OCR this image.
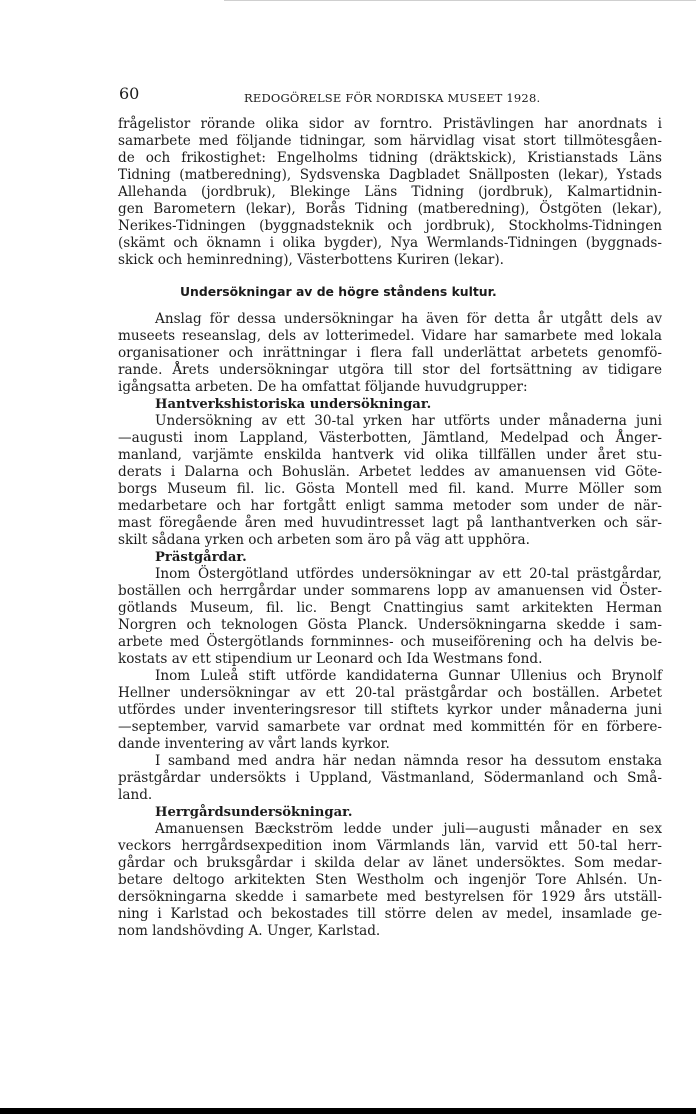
60	REDOGÖRELSE FÖR NORDISKA MUSEET 1928.
frågelistor rörande olika sidor av forntro. Pristävlingen har anordnats i
samarbete med följande tidningar, som härvidlag visat stort tillmötesgåen-
de och frikostighet: Engelholms tidning (dräktskick), Kristianstads Läns
Tidning (matberedning), Sydsvenska Dagbladet Snällposten (lekar), Ystads
Allehanda (jordbruk), Blekinge Läns Tidning (jordbruk), Kalmartidnin-
gen Barometern (lekar), Borås Tidning (matberedning), Östgöten (lekar),
Nerikes-Tidningen (byggnadsteknik och jordbruk), Stockholms-Tidningen
(skämt och öknamn i olika bygder), Nya Wermlands-Tidningen (byggnads-
skick och heminredning), Västerbottens Kuriren (lekar).
Undersökningar av de högre ståndens kultur.
Anslag för dessa undersökningar ha även för detta år utgått dels av
museets reseanslag, dels av lotterimedel. Vidare har samarbete med lokala
organisationer och inrättningar i flera fall underlättat arbetets genomfö-
rande. Årets undersökningar utgöra till stor del fortsättning av tidigare
igångsatta arbeten. De ha omfattat följande huvudgrupper:
Hantverkshistoriska undersökningar.
Undersökning av ett 30-tal yrken har utförts under månaderna juni
—augusti inom Lappland, Västerbotten, Jämtland, Medelpad och Ånger-
manland, varjämte enskilda hantverk vid olika tillfällen under året stu-
derats i Dalarna och Bohuslän. Arbetet leddes av amanuensen vid Göte-
borgs Museum fil. lic. Gösta Montell med fil. kand. Murre Möller som
medarbetare och har fortgått enligt samma metoder som under de när-
mast föregående åren med huvudintresset lagt på lanthantverken och sär-
skilt sådana yrken och arbeten som äro på väg att upphöra.
Prästgårdar.
Inom Östergötland utfördes undersökningar av ett 20-tal prästgårdar,
boställen och herrgårdar under sommarens lopp av amanuensen vid Öster-
götlands Museum, fil. lic. Bengt Cnattingius samt arkitekten Herman
Norgren och teknologen Gösta Planck. Undersökningarna skedde i sam-
arbete med Östergötlands fornminnes- och museiförening och ha delvis be-
kostats av ett stipendium ur Leonard och Ida Westmans fond.
Inom Luleå stift utförde kandidaterna Gunnar Ullenius och Brynolf
Hellner undersökningar av ett 20-tal prästgårdar och boställen. Arbetet
utfördes under inventeringsresor till stiftets kyrkor under månaderna juni
—september, varvid samarbete var ordnat med kommittén för en förbere-
dande inventering av vårt lands kyrkor.
I samband med andra här nedan nämnda resor ha dessutom enstaka
prästgårdar undersökts i Uppland, Västmanland, Södermanland och Små-
land.
Herrgårdsundersökningar.
Amanuensen Bæckström ledde under juli—augusti månader en sex
veckors herrgårdsexpedition inom Värmlands län, varvid ett 50-tal herr-
gårdar och bruksgårdar i skilda delar av länet undersöktes. Som medar-
betare deltogo arkitekten Sten Westholm och ingenjör Tore Ahlsén. Un-
dersökningarna skedde i samarbete med bestyrelsen för 1929 års utställ-
ning i Karlstad och bekostades till större delen av medel, insamlade ge-
nom landshövding A. Unger, Karlstad.
